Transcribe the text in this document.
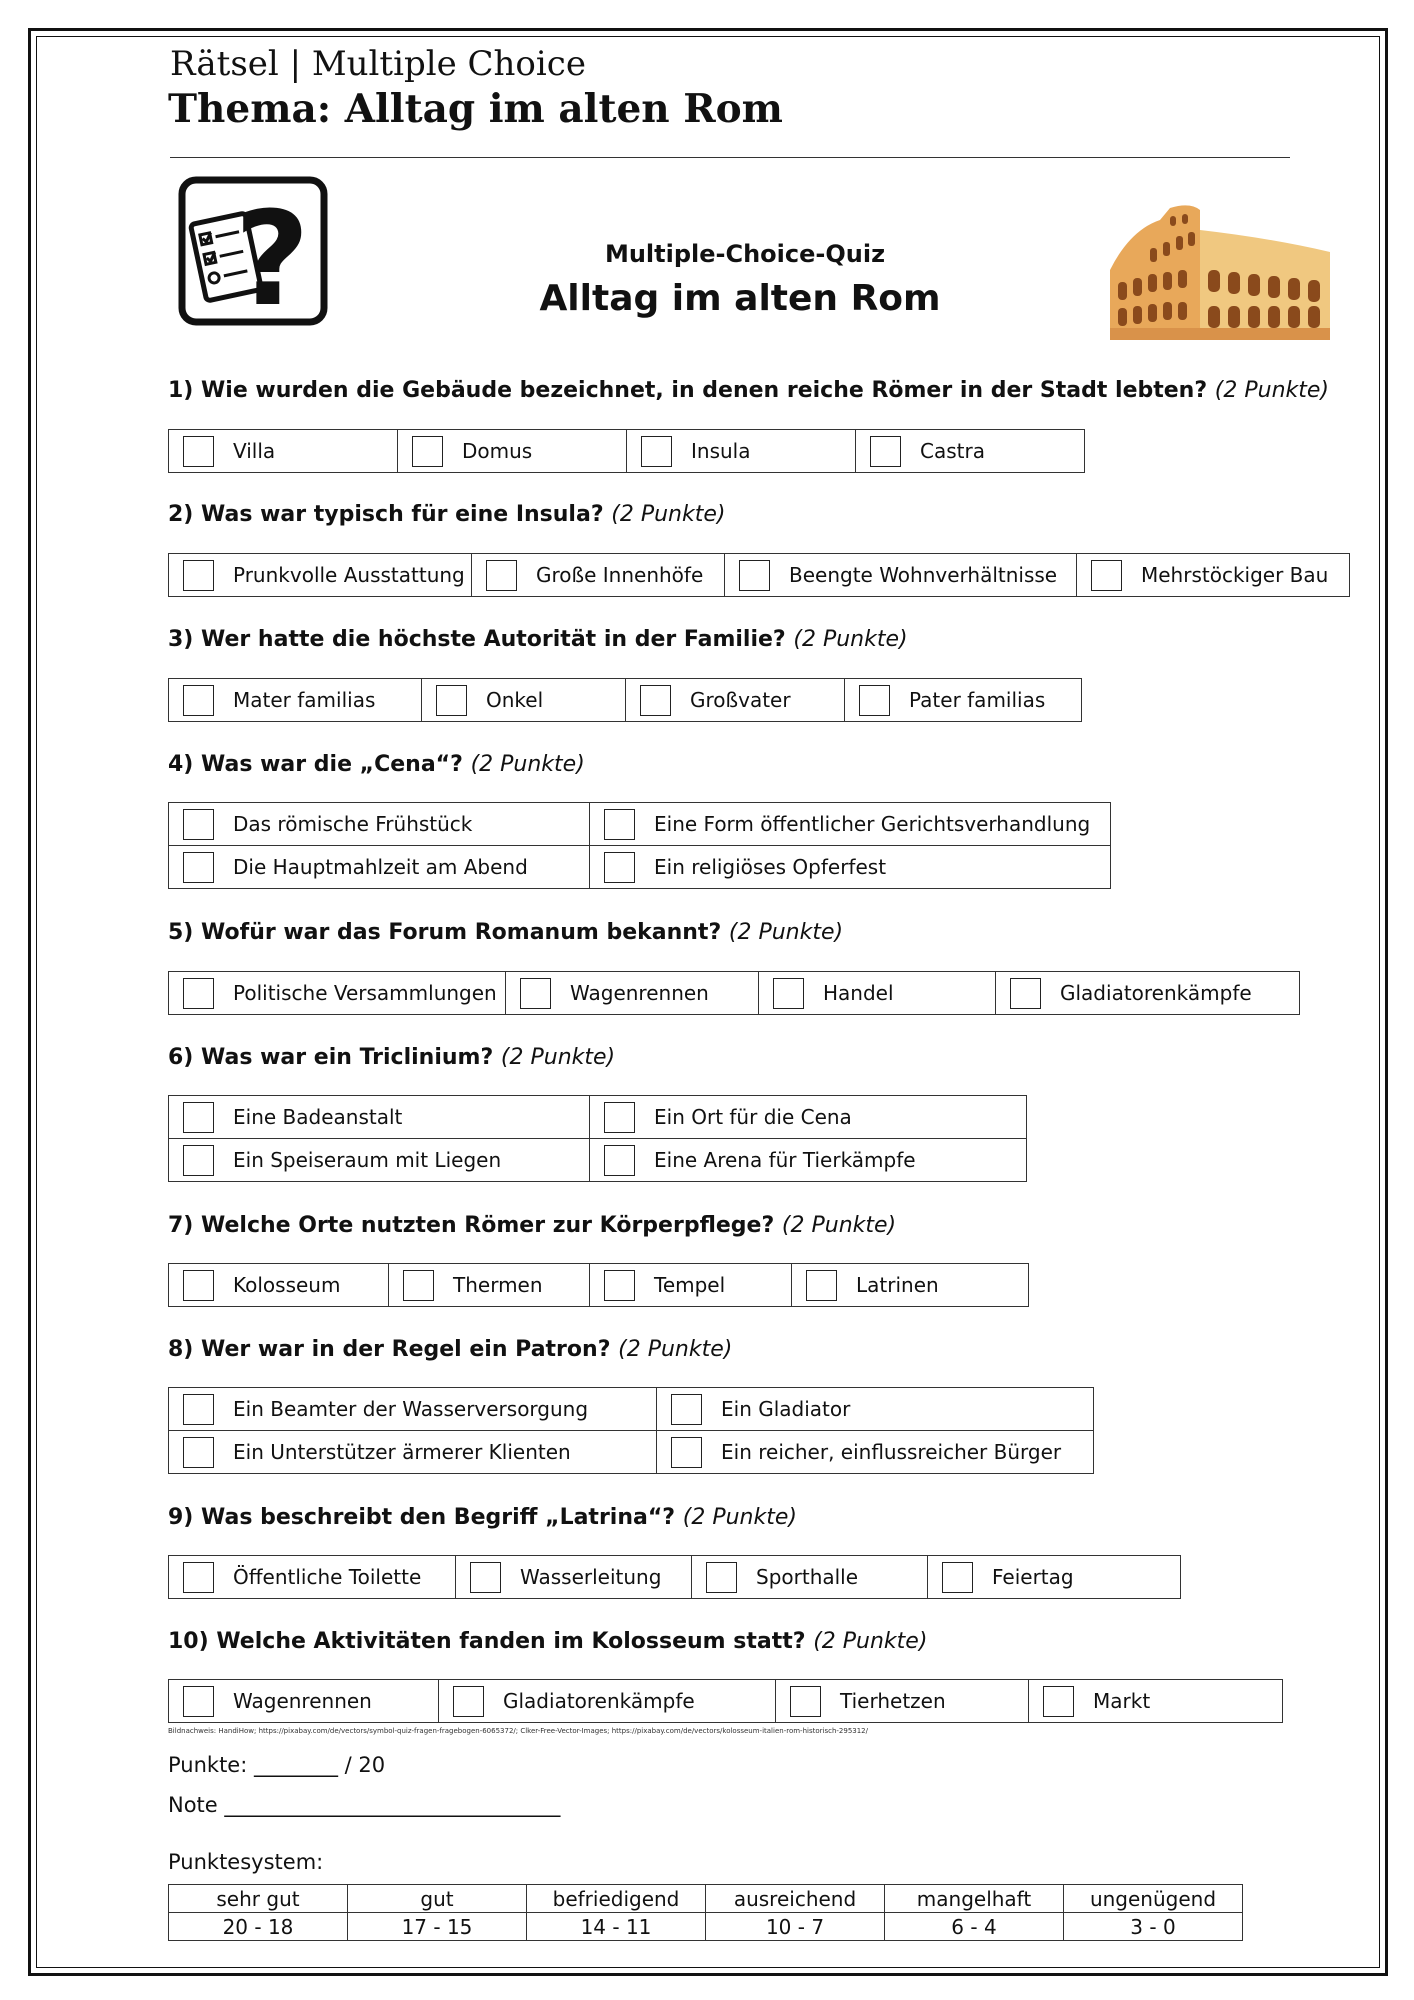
Rätsel | Multiple Choice
Thema: Alltag im alten Rom
?	Multiple-Choice-Quiz
Alltag im alten Rom
1) Wie wurden die Gebäude bezeichnet, in denen reiche Römer in der Stadt lebten? (2 Punkte)
Villa	Domus	Insula	Castra
2) Was war typisch für eine Insula? (2 Punkte)
Prunkvolle Ausstattung	Große Innenhöfe	Beengte Wohnverhältnisse	Mehrstöckiger Bau
3) Wer hatte die höchste Autorität in der Familie? (2 Punkte)
Mater familias	Onkel	Großvater	Pater familias
4) Was war die „Cena“? (2 Punkte)
Das römische Frühstück	Eine Form öffentlicher Gerichtsverhandlung

Die Hauptmahlzeit am Abend	Ein religiöses Opferfest
5) Wofür war das Forum Romanum bekannt? (2 Punkte)
Politische Versammlungen	Wagenrennen	Handel	Gladiatorenkämpfe
6) Was war ein Triclinium? (2 Punkte)
Eine Badeanstalt	Ein Ort für die Cena

Ein Speiseraum mit Liegen	Eine Arena für Tierkämpfe
7) Welche Orte nutzten Römer zur Körperpflege? (2 Punkte)
Kolosseum	Thermen	Tempel	Latrinen
8) Wer war in der Regel ein Patron? (2 Punkte)
Ein Beamter der Wasserversorgung	Ein Gladiator

Ein Unterstützer ärmerer Klienten	Ein reicher, einflussreicher Bürger
9) Was beschreibt den Begriff „Latrina“? (2 Punkte)
Öffentliche Toilette	Wasserleitung	Sporthalle	Feiertag
10) Welche Aktivitäten fanden im Kolosseum statt? (2 Punkte)
Wagenrennen	Gladiatorenkämpfe	Tierhetzen	Markt
Bildnachweis: HandiHow; https://pixabay.com/de/vectors/symbol-quiz-fragen-fragebogen-6065372/; Clker-Free-Vector-Images; https://pixabay.com/de/vectors/kolosseum-italien-rom-historisch-295312/
Punkte: ________ / 20
Note ________________________________
Punktesystem:
sehr gut	gut	befriedigend	ausreichend	mangelhaft	ungenügend
20 - 18	17 - 15	14 - 11	10 - 7	6 - 4	3 - 0
